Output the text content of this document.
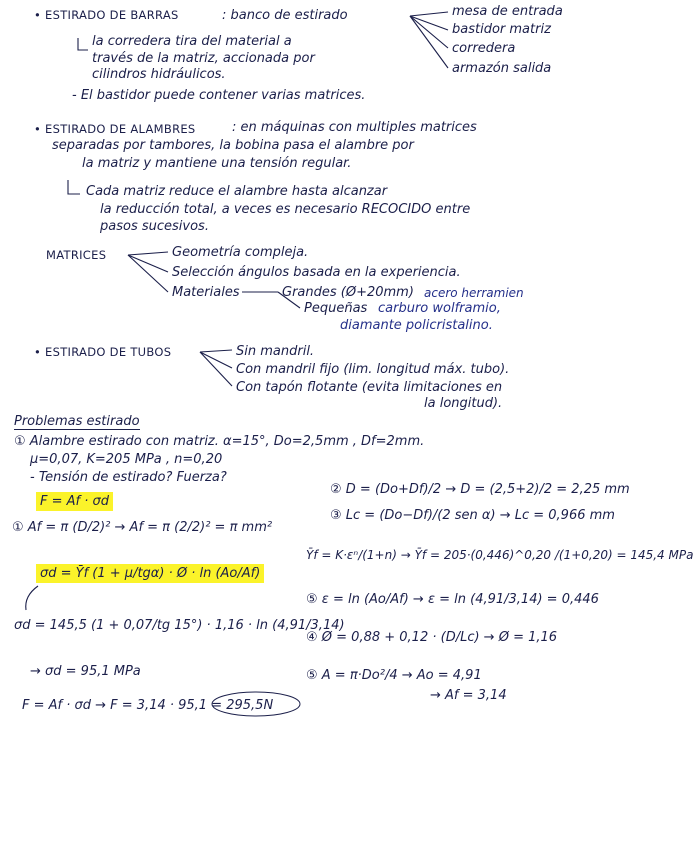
• ESTIRADO DE BARRAS	: banco de estirado	mesa de entrada
bastidor matriz
corredera
armazón salida
la corredera tira del material a
través de la matriz, accionada por
cilindros hidráulicos.
- El bastidor puede contener varias matrices.
• ESTIRADO DE ALAMBRES	: en máquinas con multiples matrices
separadas por tambores, la bobina pasa el alambre por
la matriz y mantiene una tensión regular.
Cada matriz reduce el alambre hasta alcanzar
la reducción total, a veces es necesario RECOCIDO entre
pasos sucesivos.
MATRICES	Geometría compleja.
Selección ángulos basada en la experiencia.
Materiales	Grandes (Ø+20mm) acero herramien
Pequeñas carburo wolframio,
diamante policristalino.
• ESTIRADO DE TUBOS	Sin mandril.
Con mandril fijo (lim. longitud máx. tubo).
Con tapón flotante (evita limitaciones en
la longitud).
Problemas estirado
① Alambre estirado con matriz. α=15°, Do=2,5mm , Df=2mm.
μ=0,07, K=205 MPa , n=0,20
- Tensión de estirado? Fuerza?
F = Af · σd
① Af = π (D/2)² → Af = π (2/2)² = π mm²
② D = (Do+Df)/2 → D = (2,5+2)/2 = 2,25 mm
③ Lc = (Do−Df)/(2 sen α) → Lc = 0,966 mm
Ȳf = K·εⁿ/(1+n) → Ȳf = 205·(0,446)^0,20 /(1+0,20) = 145,4 MPa
σd = Ȳf (1 + μ/tgα) · Ø · ln (Ao/Af)
⑤ ε = ln (Ao/Af) → ε = ln (4,91/3,14) = 0,446
σd = 145,5 (1 + 0,07/tg 15°) · 1,16 · ln (4,91/3,14)
④ Ø = 0,88 + 0,12 · (D/Lc) → Ø = 1,16
⑤ A = π·Do²/4 → Ao = 4,91
→ Af = 3,14
→ σd = 95,1 MPa
F = Af · σd → F = 3,14 · 95,1 = 295,5N
